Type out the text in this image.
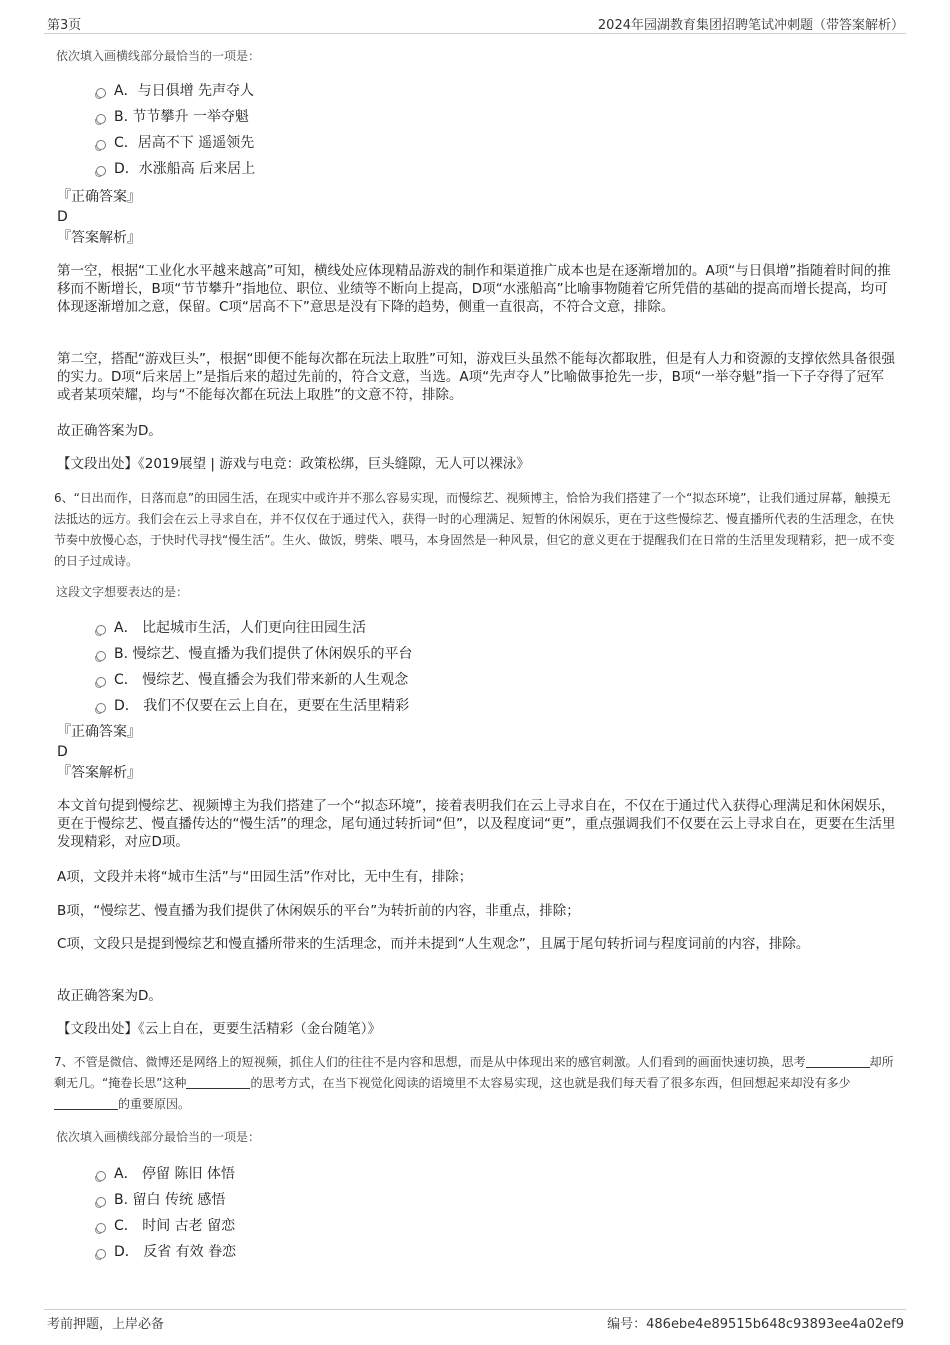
第3页	2024年园湖教育集团招聘笔试冲刺题（带答案解析）
依次填入画横线部分最恰当的一项是：
A．与日俱增 先声夺人
B. 节节攀升 一举夺魁
C．居高不下 遥遥领先
D．水涨船高 后来居上
『正确答案』
D
『答案解析』
第一空，根据“工业化水平越来越高”可知，横线处应体现精品游戏的制作和渠道推广成本也是在逐渐增加的。A项“与日俱增”指随着时间的推移而不断增长，B项“节节攀升”指地位、职位、业绩等不断向上提高，D项“水涨船高”比喻事物随着它所凭借的基础的提高而增长提高，均可体现逐渐增加之意，保留。C项“居高不下”意思是没有下降的趋势，侧重一直很高，不符合文意，排除。
第二空，搭配“游戏巨头”，根据“即便不能每次都在玩法上取胜”可知，游戏巨头虽然不能每次都取胜，但是有人力和资源的支撑依然具备很强的实力。D项“后来居上”是指后来的超过先前的，符合文意，当选。A项“先声夺人”比喻做事抢先一步，B项“一举夺魁”指一下子夺得了冠军或者某项荣耀，均与“不能每次都在玩法上取胜”的文意不符，排除。
故正确答案为D。
【文段出处】《2019展望 | 游戏与电竞：政策松绑，巨头缝隙，无人可以裸泳》
6、“日出而作，日落而息”的田园生活，在现实中或许并不那么容易实现，而慢综艺、视频博主，恰恰为我们搭建了一个“拟态环境”，让我们通过屏幕，触摸无法抵达的远方。我们会在云上寻求自在，并不仅仅在于通过代入，获得一时的心理满足、短暂的休闲娱乐，更在于这些慢综艺、慢直播所代表的生活理念，在快节奏中放慢心态，于快时代寻找“慢生活”。生火、做饭，劈柴、喂马，本身固然是一种风景，但它的意义更在于提醒我们在日常的生活里发现精彩，把一成不变的日子过成诗。
这段文字想要表达的是：
A． 比起城市生活，人们更向往田园生活
B. 慢综艺、慢直播为我们提供了休闲娱乐的平台
C． 慢综艺、慢直播会为我们带来新的人生观念
D． 我们不仅要在云上自在，更要在生活里精彩
『正确答案』
D
『答案解析』
本文首句提到慢综艺、视频博主为我们搭建了一个“拟态环境”，接着表明我们在云上寻求自在，不仅在于通过代入获得心理满足和休闲娱乐，更在于慢综艺、慢直播传达的“慢生活”的理念，尾句通过转折词“但”，以及程度词“更”，重点强调我们不仅要在云上寻求自在，更要在生活里发现精彩，对应D项。
A项，文段并未将“城市生活”与“田园生活”作对比，无中生有，排除；
B项，“慢综艺、慢直播为我们提供了休闲娱乐的平台”为转折前的内容，非重点，排除；
C项，文段只是提到慢综艺和慢直播所带来的生活理念，而并未提到“人生观念”，且属于尾句转折词与程度词前的内容，排除。
故正确答案为D。
【文段出处】《云上自在，更要生活精彩（金台随笔）》
7、不管是微信、微博还是网络上的短视频，抓住人们的往往不是内容和思想，而是从中体现出来的感官刺激。人们看到的画面快速切换，思考	却所剩无几。“掩卷长思”这种	的思考方式，在当下视觉化阅读的语境里不太容易实现，这也就是我们每天看了很多东西，但回想起来却没有多少的重要原因。
依次填入画横线部分最恰当的一项是：
A． 停留 陈旧 体悟
B. 留白 传统 感悟
C． 时间 古老 留恋
D． 反省 有效 眷恋
考前押题，上岸必备	编号：486ebe4e89515b648c93893ee4a02ef9
